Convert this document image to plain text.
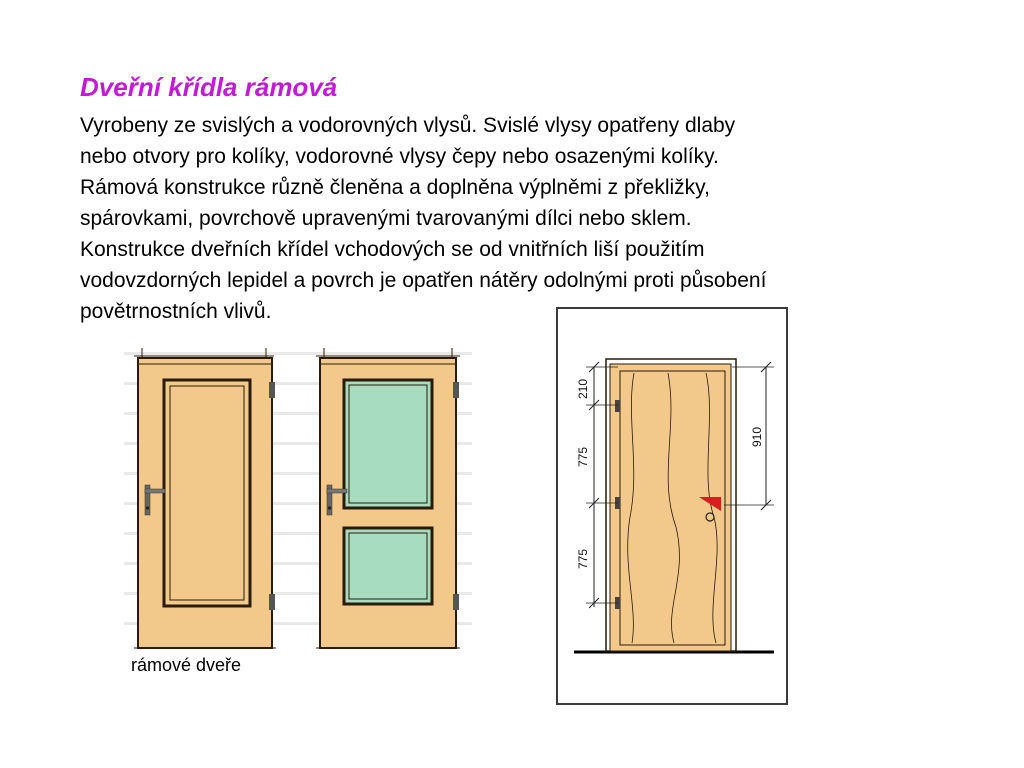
Dveřní křídla rámová
Vyrobeny ze svislých a vodorovných vlysů. Svislé vlysy opatřeny dlaby
nebo otvory pro kolíky, vodorovné vlysy čepy nebo osazenými kolíky.
Rámová konstrukce různě členěna a doplněna výplněmi z překližky,
spárovkami, povrchově upravenými tvarovanými dílci nebo sklem.
Konstrukce dveřních křídel vchodových se od vnitřních liší použitím
vodovzdorných lepidel a povrch je opatřen nátěry odolnými proti působení
povětrnostních vlivů.
rámové dveře
210
775
775
910
